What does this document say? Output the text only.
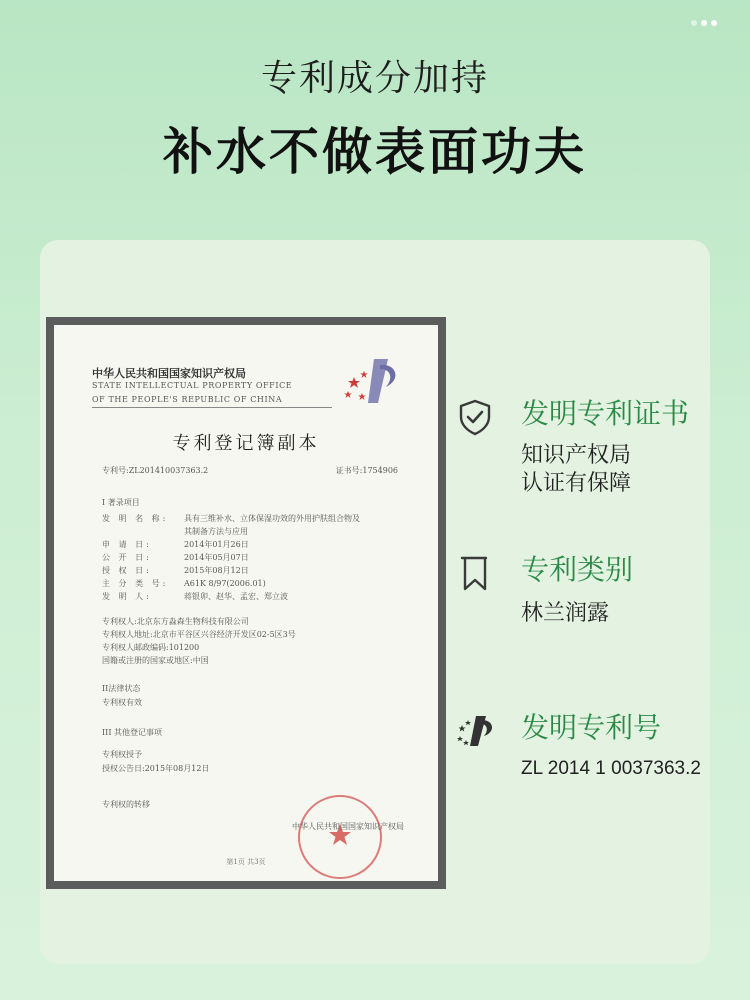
专利成分加持
补水不做表面功夫
中华人民共和国国家知识产权局
STATE INTELLECTUAL PROPERTY OFFICE
OF THE PEOPLE'S REPUBLIC OF CHINA
专利登记簿副本
专利号:ZL201410037363.2	证书号:1754906
I 著录项目
发 明 名 称: 具有三维补水、立体保湿功效的外用护肤组合物及
其制备方法与应用
申 请 日:	2014年01月26日
公 开 日:	2014年05月07日
授 权 日:	2015年08月12日
主 分 类 号: A61K 8/97(2006.01)
发 明 人:	蒋银卯、赵华、孟宏、郑立波
专利权人:北京东方淼森生物科技有限公司
专利权人地址:北京市平谷区兴谷经济开发区02-5区3号
专利权人邮政编码:101200
国籍或注册的国家或地区:中国
II法律状态
专利权有效
III 其他登记事项
专利权授予
授权公告日:2015年08月12日
专利权的转移
中华人民共和国国家知识产权局
第1页 共3页
发明专利证书
知识产权局
认证有保障
专利类别
林兰润露
发明专利号
ZL 2014 1 0037363.2
